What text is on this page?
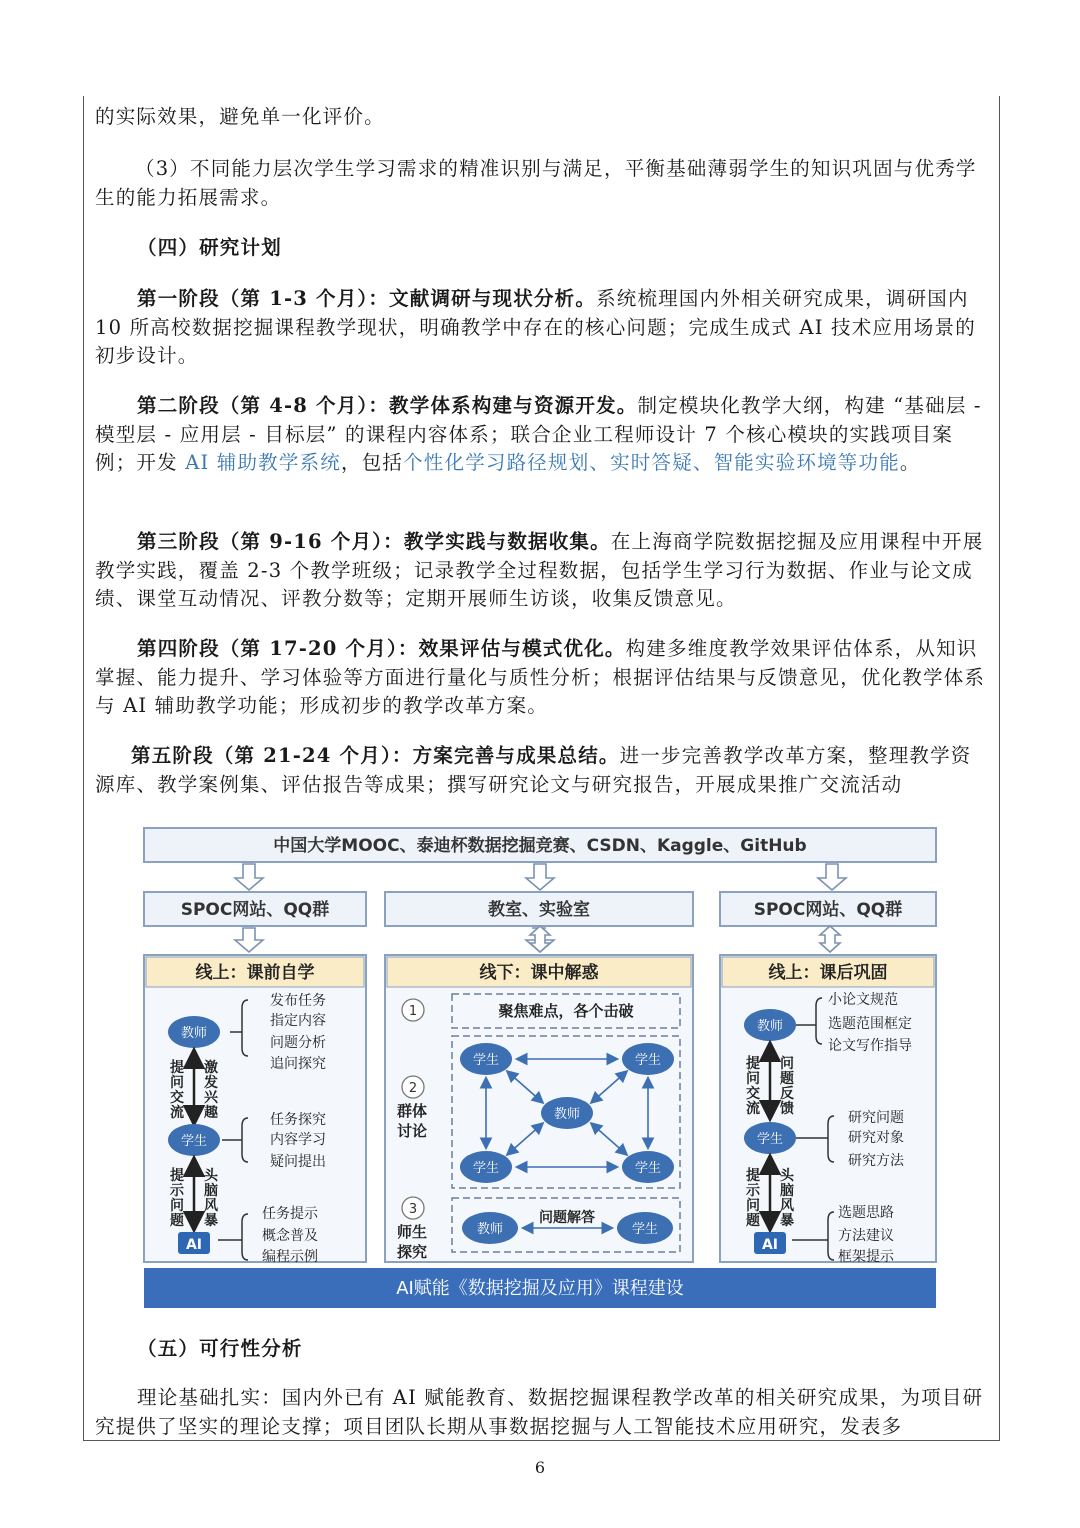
的实际效果，避免单一化评价。

（3）不同能力层次学生学习需求的精准识别与满足，平衡基础薄弱学生的知识巩固与优秀学生的能力拓展需求。

（四）研究计划

第一阶段（第 1-3 个月）：文献调研与现状分析。系统梳理国内外相关研究成果，调研国内 10 所高校数据挖掘课程教学现状，明确教学中存在的核心问题；完成生成式 AI 技术应用场景的初步设计。

第二阶段（第 4-8 个月）：教学体系构建与资源开发。制定模块化教学大纲，构建 “基础层 - 模型层 - 应用层 - 目标层” 的课程内容体系；联合企业工程师设计 7 个核心模块的实践项目案例；开发 AI 辅助教学系统，包括个性化学习路径规划、实时答疑、智能实验环境等功能。

第三阶段（第 9-16 个月）：教学实践与数据收集。在上海商学院数据挖掘及应用课程中开展教学实践，覆盖 2-3 个教学班级；记录教学全过程数据，包括学生学习行为数据、作业与论文成绩、课堂互动情况、评教分数等；定期开展师生访谈，收集反馈意见。

第四阶段（第 17-20 个月）：效果评估与模式优化。构建多维度教学效果评估体系，从知识掌握、能力提升、学习体验等方面进行量化与质性分析；根据评估结果与反馈意见，优化教学体系与 AI 辅助教学功能；形成初步的教学改革方案。

第五阶段（第 21-24 个月）：方案完善与成果总结。进一步完善教学改革方案，整理教学资源库、教学案例集、评估报告等成果；撰写研究论文与研究报告，开展成果推广交流活动

中国大学MOOC、泰迪杯数据挖掘竞赛、CSDN、Kaggle、GitHub
SPOC网站、QQ群	教室、实验室	SPOC网站、QQ群
线上：课前自学	线下：课中解惑	线上：课后巩固
教师
发布任务
指定内容
问题分析
追问探究
提问交流
激发兴趣
学生
任务探究
内容学习
疑问提出
提示问题
头脑风暴
AI
任务提示
概念普及
编程示例
1	聚焦难点，各个击破
2
群体讨论
学生	学生
教师
学生	学生
3
师生探究
教师	学生
问题解答
教师
小论文规范
选题范围框定
论文写作指导
提问交流
问题反馈
学生
研究问题
研究对象
研究方法
提示问题
头脑风暴
AI
选题思路
方法建议
框架提示
AI赋能《数据挖掘及应用》课程建设

（五）可行性分析

理论基础扎实：国内外已有 AI 赋能教育、数据挖掘课程教学改革的相关研究成果，为项目研究提供了坚实的理论支撑；项目团队长期从事数据挖掘与人工智能技术应用研究，发表多

6
